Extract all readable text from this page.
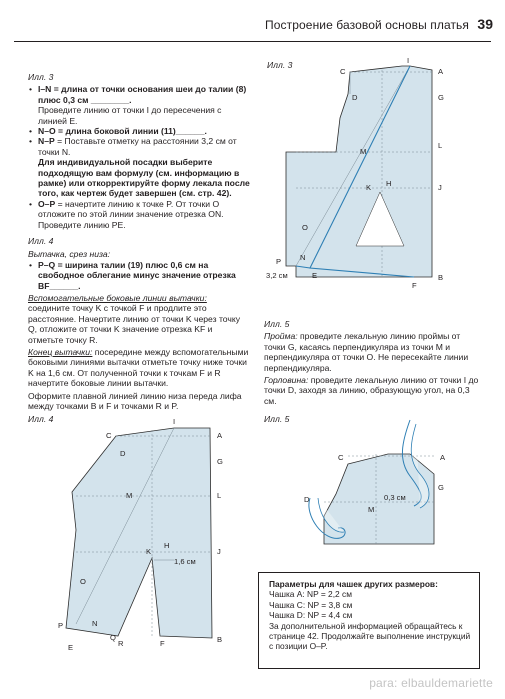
Построение базовой основы платья 39

Илл. 3

• I–N = длина от точки основания шеи до талии (8) плюс 0,3 см ________.

Проведите линию от точки I до пересечения с линией E.

• N–O = длина боковой линии (11)______.

• N–P = Поставьте отметку на расстоянии 3,2 см от точки N.

Для индивидуальной посадки выберите подходящую вам формулу (см. информацию в рамке) или откорректируйте форму лекала после того, как чертеж будет завершен (см. стр. 42).

• O–P = начертите линию к точке P. От точки O отложите по этой линии значение отрезка ON. Проведите линию PE.

Илл. 4

Вытачка, срез низа:

• P–Q = ширина талии (19) плюс 0,6 см на свободное облегание минус значение отрезка BF______.

Вспомогательные боковые линии вытачки: соедините точку K с точкой F и продлите это расстояние. Начертите линию от точки K через точку Q, отложите от точки K значение отрезка KF и отметьте точку R.

Конец вытачки: посередине между вспомогательными боковыми линиями вытачки отметьте точку ниже точки K на 1,6 см. От полученной точки к точкам F и R начертите боковые линии вытачки.

Оформите плавной линией линию низа переда лифа между точками B и F и точками R и P.

Илл. 5

Пройма: проведите лекальную линию проймы от точки G, касаясь перпендикуляра из точки M и перпендикуляра от точки O. Не пересекайте линии перпендикуляра.

Горловина: проведите лекальную линию от точки I до точки D, заходя за линию, образующую угол, на 0,3 см.

Илл. 3
C
I
A
D	G
L
M
K H	J
P N
E
F
B
O
3,2 см
Илл. 4
C
I
A
D
G
L
M
K
H
J
P	N
Q
R	F	B
O
E
1,6 см
Илл. 5
C
D
G
A
M
0,3 см

Параметры для чашек других размеров:

Чашка A: NP = 2,2 см

Чашка C: NP = 3,8 см

Чашка D: NP = 4,4 см

За дополнительной информацией обращайтесь к странице 42. Продолжайте выполнение инструкций с позиции O–P.

para: elbauldemariette
